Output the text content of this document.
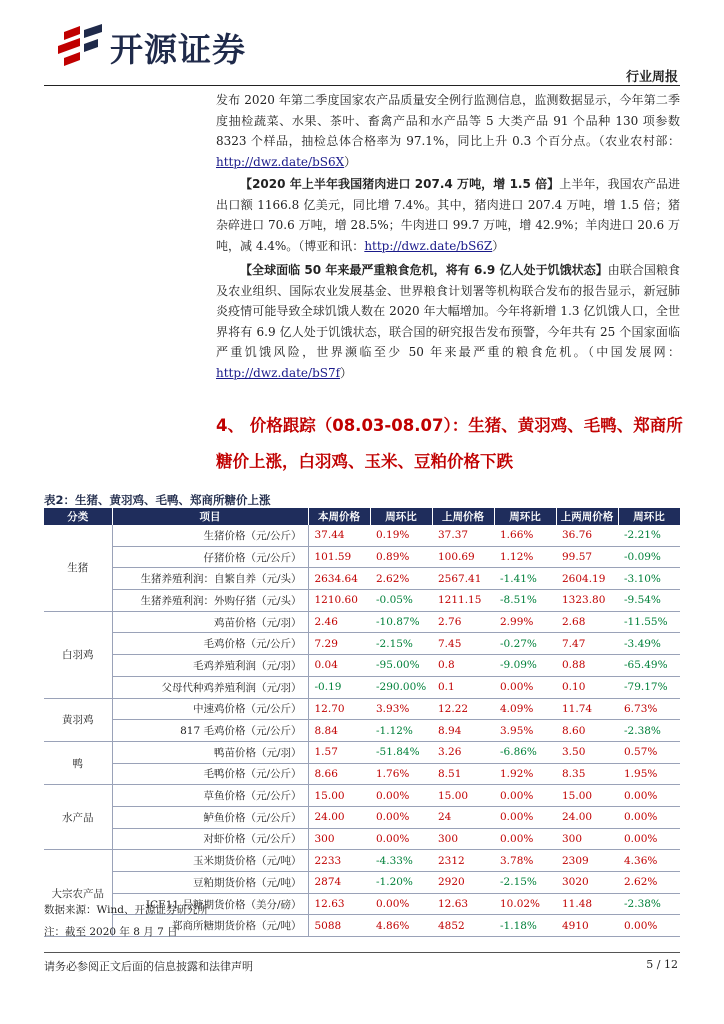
开源证券
行业周报

发布 2020 年第二季度国家农产品质量安全例行监测信息，监测数据显示，今年第二季度抽检蔬菜、水果、茶叶、畜禽产品和水产品等 5 大类产品 91 个品种 130 项参数 8323 个样品，抽检总体合格率为 97.1%，同比上升 0.3 个百分点。（农业农村部：http://dwz.date/bS6X）

【2020 年上半年我国猪肉进口 207.4 万吨，增 1.5 倍】上半年，我国农产品进出口额 1166.8 亿美元，同比增 7.4%。其中，猪肉进口 207.4 万吨，增 1.5 倍；猪杂碎进口 70.6 万吨，增 28.5%；牛肉进口 99.7 万吨，增 42.9%；羊肉进口 20.6 万吨，减 4.4%。（博亚和讯：http://dwz.date/bS6Z）

【全球面临 50 年来最严重粮食危机，将有 6.9 亿人处于饥饿状态】由联合国粮食及农业组织、国际农业发展基金、世界粮食计划署等机构联合发布的报告显示，新冠肺炎疫情可能导致全球饥饿人数在 2020 年大幅增加。今年将新增 1.3 亿饥饿人口，全世界将有 6.9 亿人处于饥饿状态，联合国的研究报告发布预警，今年共有 25 个国家面临严重饥饿风险，世界濒临至少 50 年来最严重的粮食危机。（中国发展网：http://dwz.date/bS7f）

4、 价格跟踪（08.03-08.07）：生猪、黄羽鸡、毛鸭、郑商所糖价上涨，白羽鸡、玉米、豆粕价格下跌
表2：生猪、黄羽鸡、毛鸭、郑商所糖价上涨
分类	项目	本周价格	周环比	上周价格	周环比	上两周价格	周环比
生猪	生猪价格（元/公斤）	37.44	0.19%	37.37	1.66%	36.76	-2.21%
	仔猪价格（元/公斤）	101.59	0.89%	100.69	1.12%	99.57	-0.09%
	生猪养殖利润：自繁自养（元/头）	2634.64	2.62%	2567.41	-1.41%	2604.19	-3.10%
	生猪养殖利润：外购仔猪（元/头）	1210.60	-0.05%	1211.15	-8.51%	1323.80	-9.54%
白羽鸡	鸡苗价格（元/羽）	2.46	-10.87%	2.76	2.99%	2.68	-11.55%
	毛鸡价格（元/公斤）	7.29	-2.15%	7.45	-0.27%	7.47	-3.49%
	毛鸡养殖利润（元/羽）	0.04	-95.00%	0.8	-9.09%	0.88	-65.49%
	父母代种鸡养殖利润（元/羽）	-0.19	-290.00%	0.1	0.00%	0.10	-79.17%
黄羽鸡	中速鸡价格（元/公斤）	12.70	3.93%	12.22	4.09%	11.74	6.73%
	817 毛鸡价格（元/公斤）	8.84	-1.12%	8.94	3.95%	8.60	-2.38%
鸭	鸭苗价格（元/羽）	1.57	-51.84%	3.26	-6.86%	3.50	0.57%
	毛鸭价格（元/公斤）	8.66	1.76%	8.51	1.92%	8.35	1.95%
水产品	草鱼价格（元/公斤）	15.00	0.00%	15.00	0.00%	15.00	0.00%
	鲈鱼价格（元/公斤）	24.00	0.00%	24	0.00%	24.00	0.00%
	对虾价格（元/公斤）	300	0.00%	300	0.00%	300	0.00%
大宗农产品	玉米期货价格（元/吨）	2233	-4.33%	2312	3.78%	2309	4.36%
	豆粕期货价格（元/吨）	2874	-1.20%	2920	-2.15%	3020	2.62%
	ICE11 号糖期货价格（美分/磅）	12.63	0.00%	12.63	10.02%	11.48	-2.38%
	郑商所糖期货价格（元/吨）	5088	4.86%	4852	-1.18%	4910	0.00%
数据来源：Wind、开源证券研究所
注：截至 2020 年 8 月 7 日
请务必参阅正文后面的信息披露和法律声明	5 / 12
